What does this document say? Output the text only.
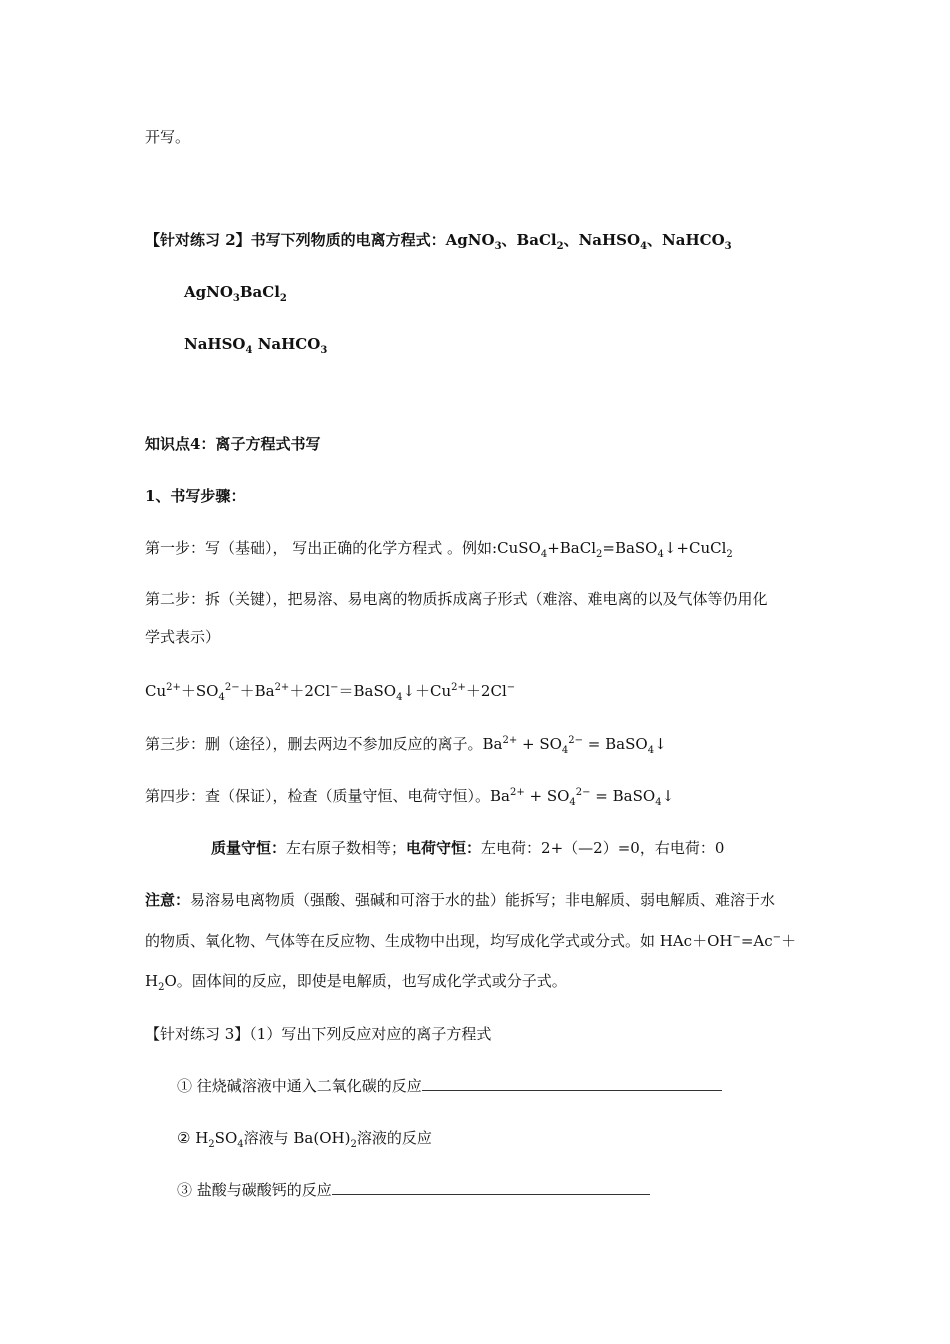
开写。
【针对练习 2】书写下列物质的电离方程式：AgNO$_3$、BaCl$_2$、NaHSO$_4$、NaHCO$_3$
AgNO$_3$BaCl$_2$
NaHSO$_4$ NaHCO$_3$
知识点4：离子方程式书写
1、书写步骤：
第一步：写（基础）， 写出正确的化学方程式 。例如:CuSO$_4$+BaCl$_2$=BaSO$_4$↓+CuCl$_2$
第二步：拆（关键），把易溶、易电离的物质拆成离子形式（难溶、难电离的以及气体等仍用化
学式表示）
$Cu^{2+}+SO_4^{2-}+Ba^{2+}+2Cl^-=BaSO_4↓+Cu^{2+}+2Cl^-$
第三步：删（途径），删去两边不参加反应的离子。$Ba^{2+} + SO_4^{2-}$ = BaSO$_4$↓
第四步：查（保证），检查（质量守恒、电荷守恒）。$Ba^{2+} + SO_4^{2-}$ = BaSO$_4$↓
质量守恒：左右原子数相等；电荷守恒：左电荷：2+（—2）=0，右电荷：0
注意：易溶易电离物质（强酸、强碱和可溶于水的盐）能拆写；非电解质、弱电解质、难溶于水
的物质、氧化物、气体等在反应物、生成物中出现，均写成化学式或分式。如 HAc＋OH−=Ac−＋
$H_2O$。固体间的反应，即使是电解质，也写成化学式或分子式。
【针对练习 3】（1）写出下列反应对应的离子方程式
① 往烧碱溶液中通入二氧化碳的反应
② $H_2SO_4$溶液与 $Ba(OH)_2$溶液的反应
③ 盐酸与碳酸钙的反应
